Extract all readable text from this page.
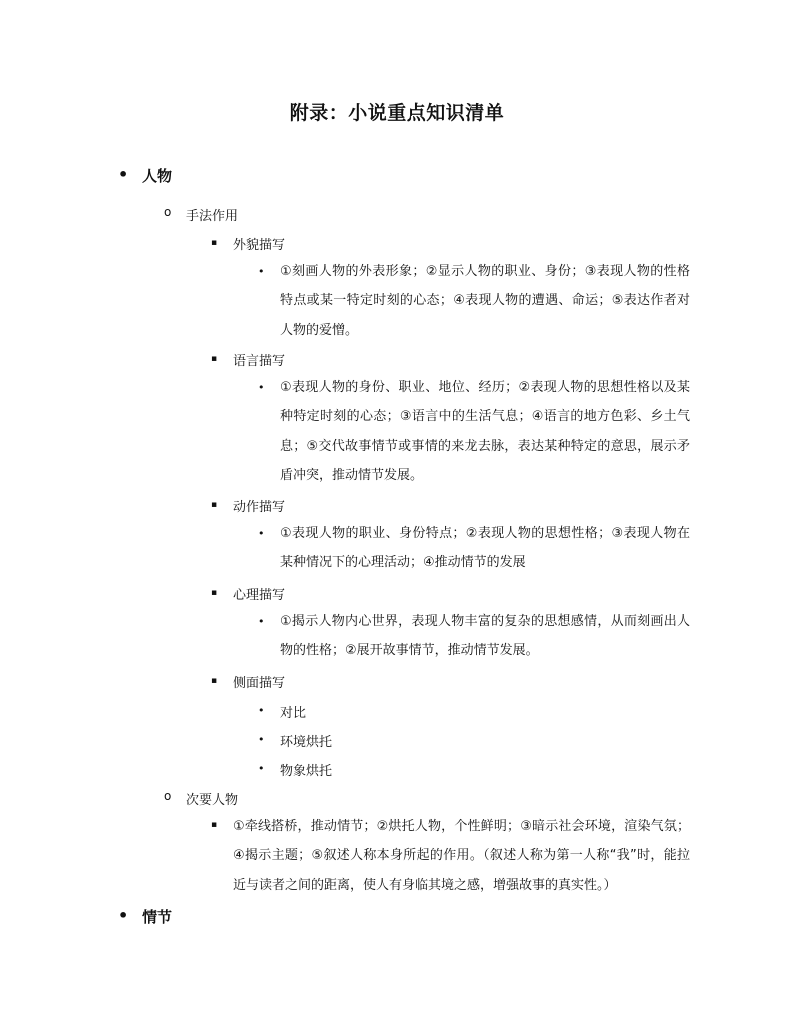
附录：小说重点知识清单
• 人物
o 手法作用
▪ 外貌描写
• ①刻画人物的外表形象；②显示人物的职业、身份；③表现人物的性格特点或某一特定时刻的心态；④表现人物的遭遇、命运；⑤表达作者对人物的爱憎。
▪ 语言描写
• ①表现人物的身份、职业、地位、经历；②表现人物的思想性格以及某种特定时刻的心态；③语言中的生活气息；④语言的地方色彩、乡土气息；⑤交代故事情节或事情的来龙去脉，表达某种特定的意思，展示矛盾冲突，推动情节发展。
▪ 动作描写
• ①表现人物的职业、身份特点；②表现人物的思想性格；③表现人物在某种情况下的心理活动；④推动情节的发展
▪ 心理描写
• ①揭示人物内心世界，表现人物丰富的复杂的思想感情，从而刻画出人物的性格；②展开故事情节，推动情节发展。
▪ 侧面描写
• 对比
• 环境烘托
• 物象烘托
o 次要人物
▪ ①牵线搭桥，推动情节；②烘托人物，个性鲜明；③暗示社会环境，渲染气氛；④揭示主题；⑤叙述人称本身所起的作用。（叙述人称为第一人称“我”时，能拉近与读者之间的距离，使人有身临其境之感，增强故事的真实性。）
• 情节
